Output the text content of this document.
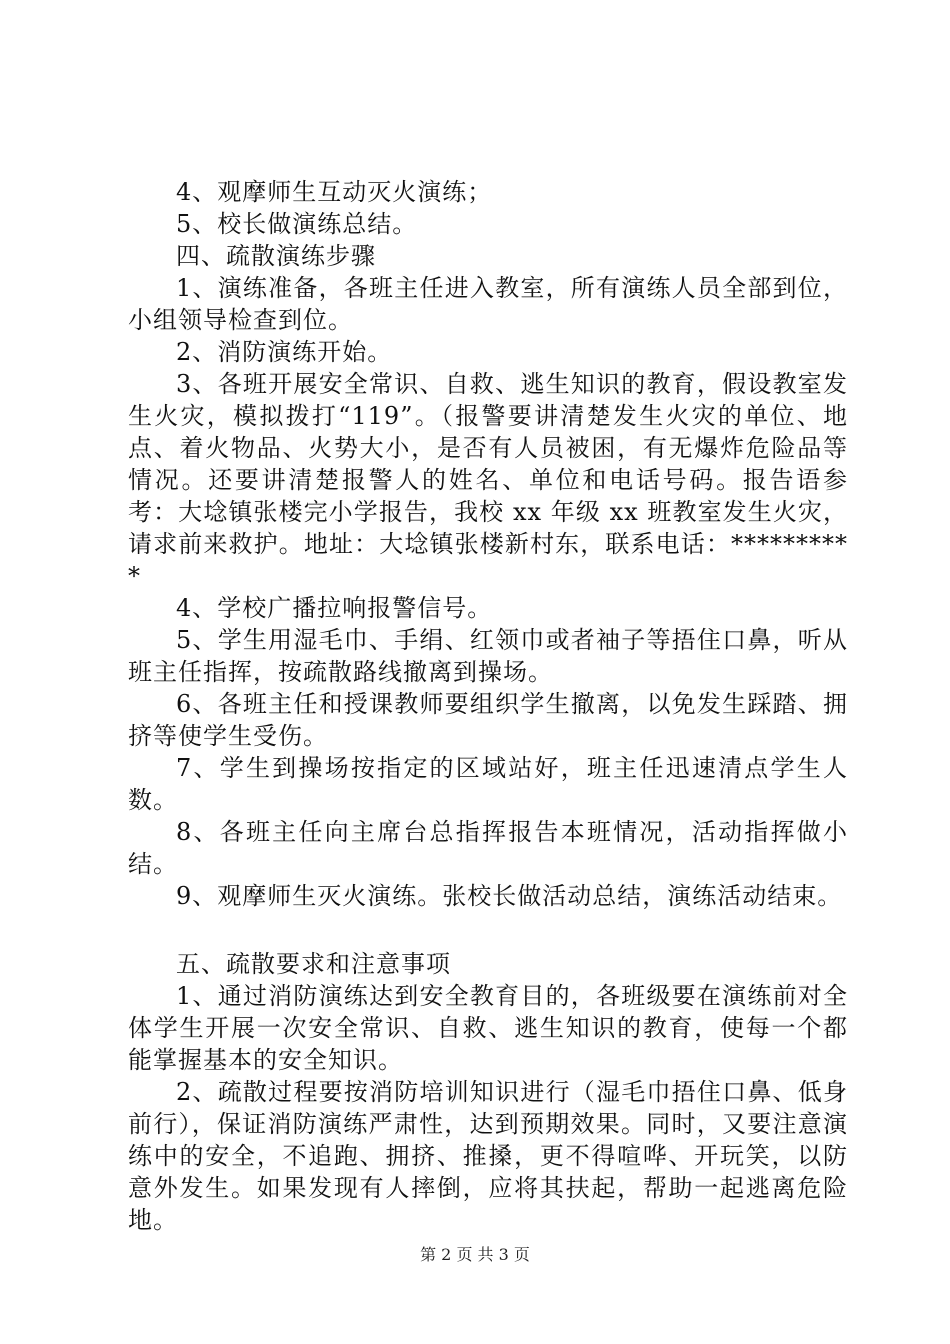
4、观摩师生互动灭火演练；

5、校长做演练总结。

四、疏散演练步骤

1、演练准备，各班主任进入教室，所有演练人员全部到位，小组领导检查到位。

2、消防演练开始。

3、各班开展安全常识、自救、逃生知识的教育，假设教室发生火灾，模拟拨打“119”。（报警要讲清楚发生火灾的单位、地点、着火物品、火势大小，是否有人员被困，有无爆炸危险品等情况。还要讲清楚报警人的姓名、单位和电话号码。报告语参考：大埝镇张楼完小学报告，我校 xx 年级 xx 班教室发生火灾，请求前来救护。地址：大埝镇张楼新村东，联系电话：**********

4、学校广播拉响报警信号。

5、学生用湿毛巾、手绢、红领巾或者袖子等捂住口鼻，听从班主任指挥，按疏散路线撤离到操场。

6、各班主任和授课教师要组织学生撤离，以免发生踩踏、拥挤等使学生受伤。

7、学生到操场按指定的区域站好，班主任迅速清点学生人数。

8、各班主任向主席台总指挥报告本班情况，活动指挥做小结。

9、观摩师生灭火演练。张校长做活动总结，演练活动结束。

五、疏散要求和注意事项

1、通过消防演练达到安全教育目的，各班级要在演练前对全体学生开展一次安全常识、自救、逃生知识的教育，使每一个都能掌握基本的安全知识。

2、疏散过程要按消防培训知识进行（湿毛巾捂住口鼻、低身前行），保证消防演练严肃性，达到预期效果。同时，又要注意演练中的安全，不追跑、拥挤、推搡，更不得喧哗、开玩笑，以防意外发生。如果发现有人摔倒，应将其扶起，帮助一起逃离危险地。

第 2 页 共 3 页
